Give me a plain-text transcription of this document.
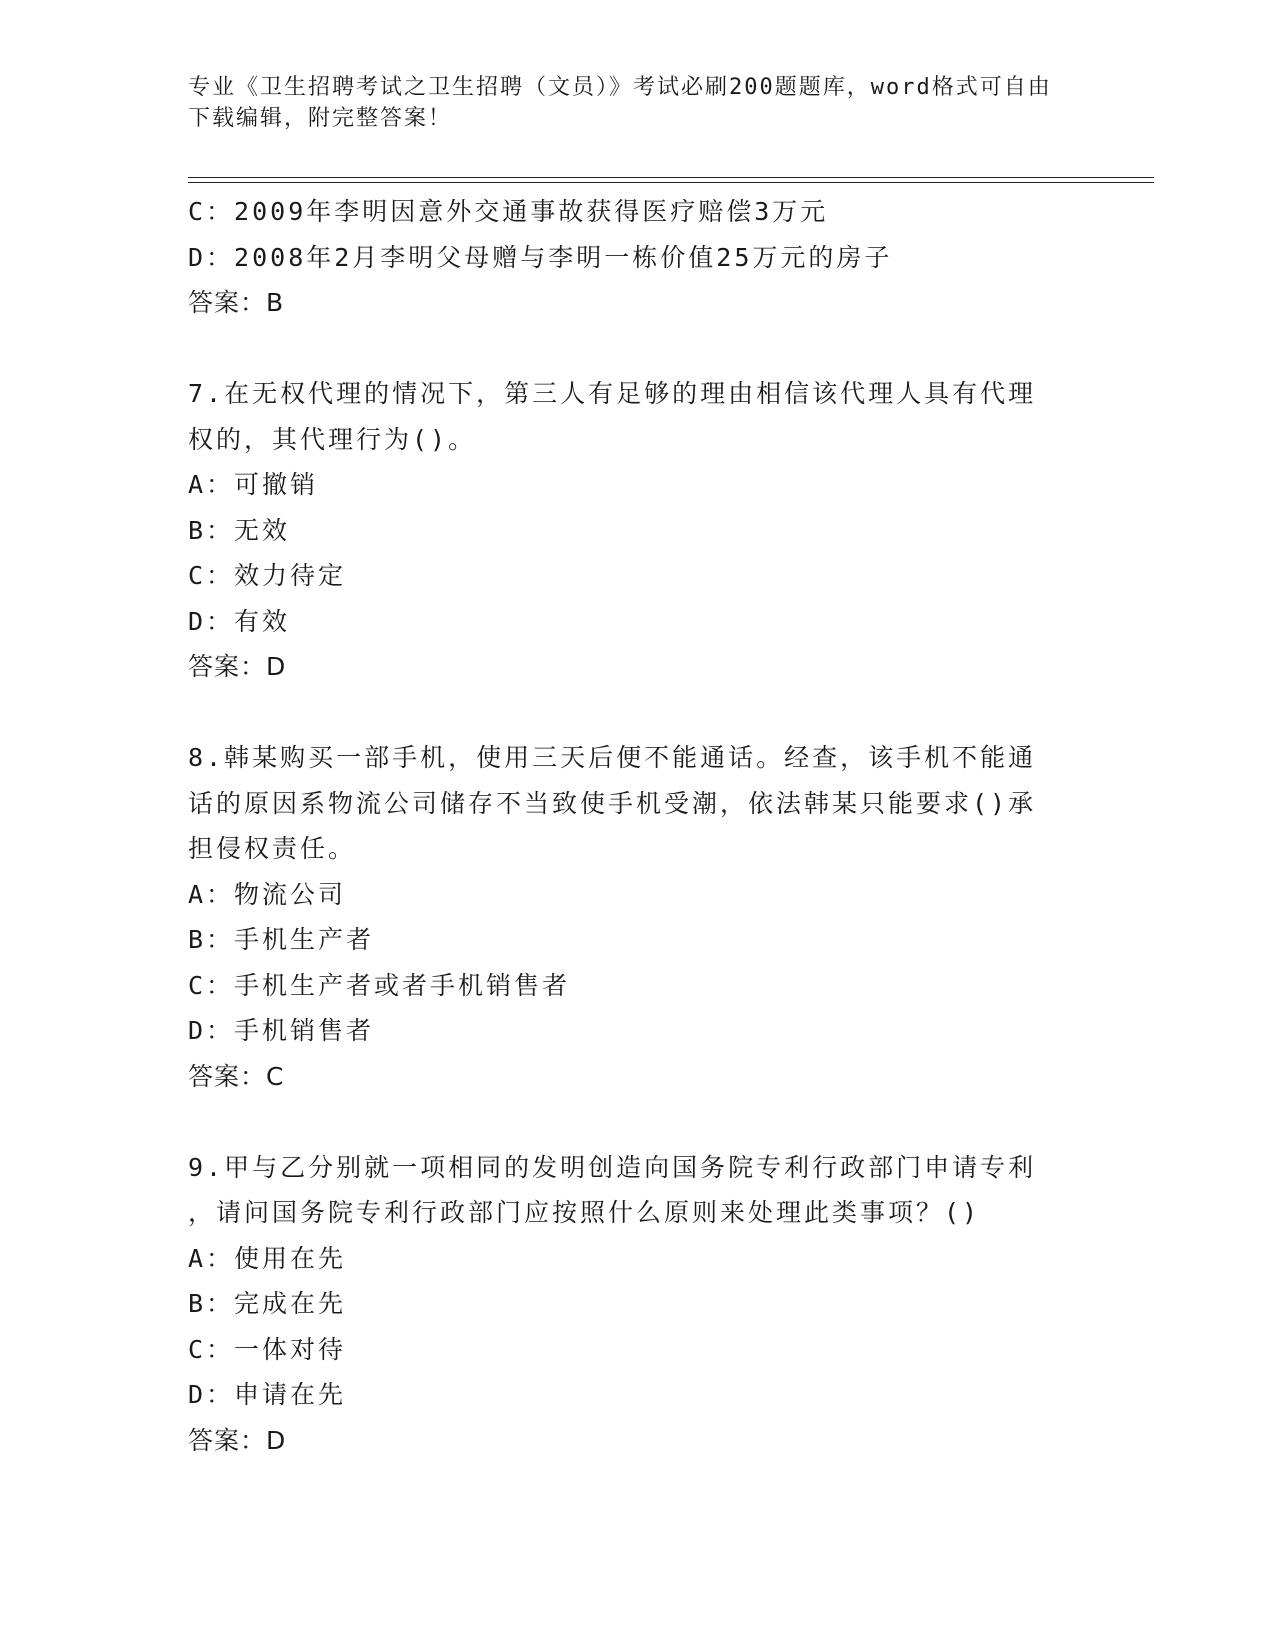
专业《卫生招聘考试之卫生招聘（文员）》考试必刷200题题库，word格式可自由下载编辑，附完整答案！
C：2009年李明因意外交通事故获得医疗赔偿3万元
D：2008年2月李明父母赠与李明一栋价值25万元的房子
答案：B
7.在无权代理的情况下，第三人有足够的理由相信该代理人具有代理
权的，其代理行为()。
A：可撤销
B：无效
C：效力待定
D：有效
答案：D
8.韩某购买一部手机，使用三天后便不能通话。经查，该手机不能通
话的原因系物流公司储存不当致使手机受潮，依法韩某只能要求()承
担侵权责任。
A：物流公司
B：手机生产者
C：手机生产者或者手机销售者
D：手机销售者
答案：C
9.甲与乙分别就一项相同的发明创造向国务院专利行政部门申请专利
，请问国务院专利行政部门应按照什么原则来处理此类事项？()
A：使用在先
B：完成在先
C：一体对待
D：申请在先
答案：D
